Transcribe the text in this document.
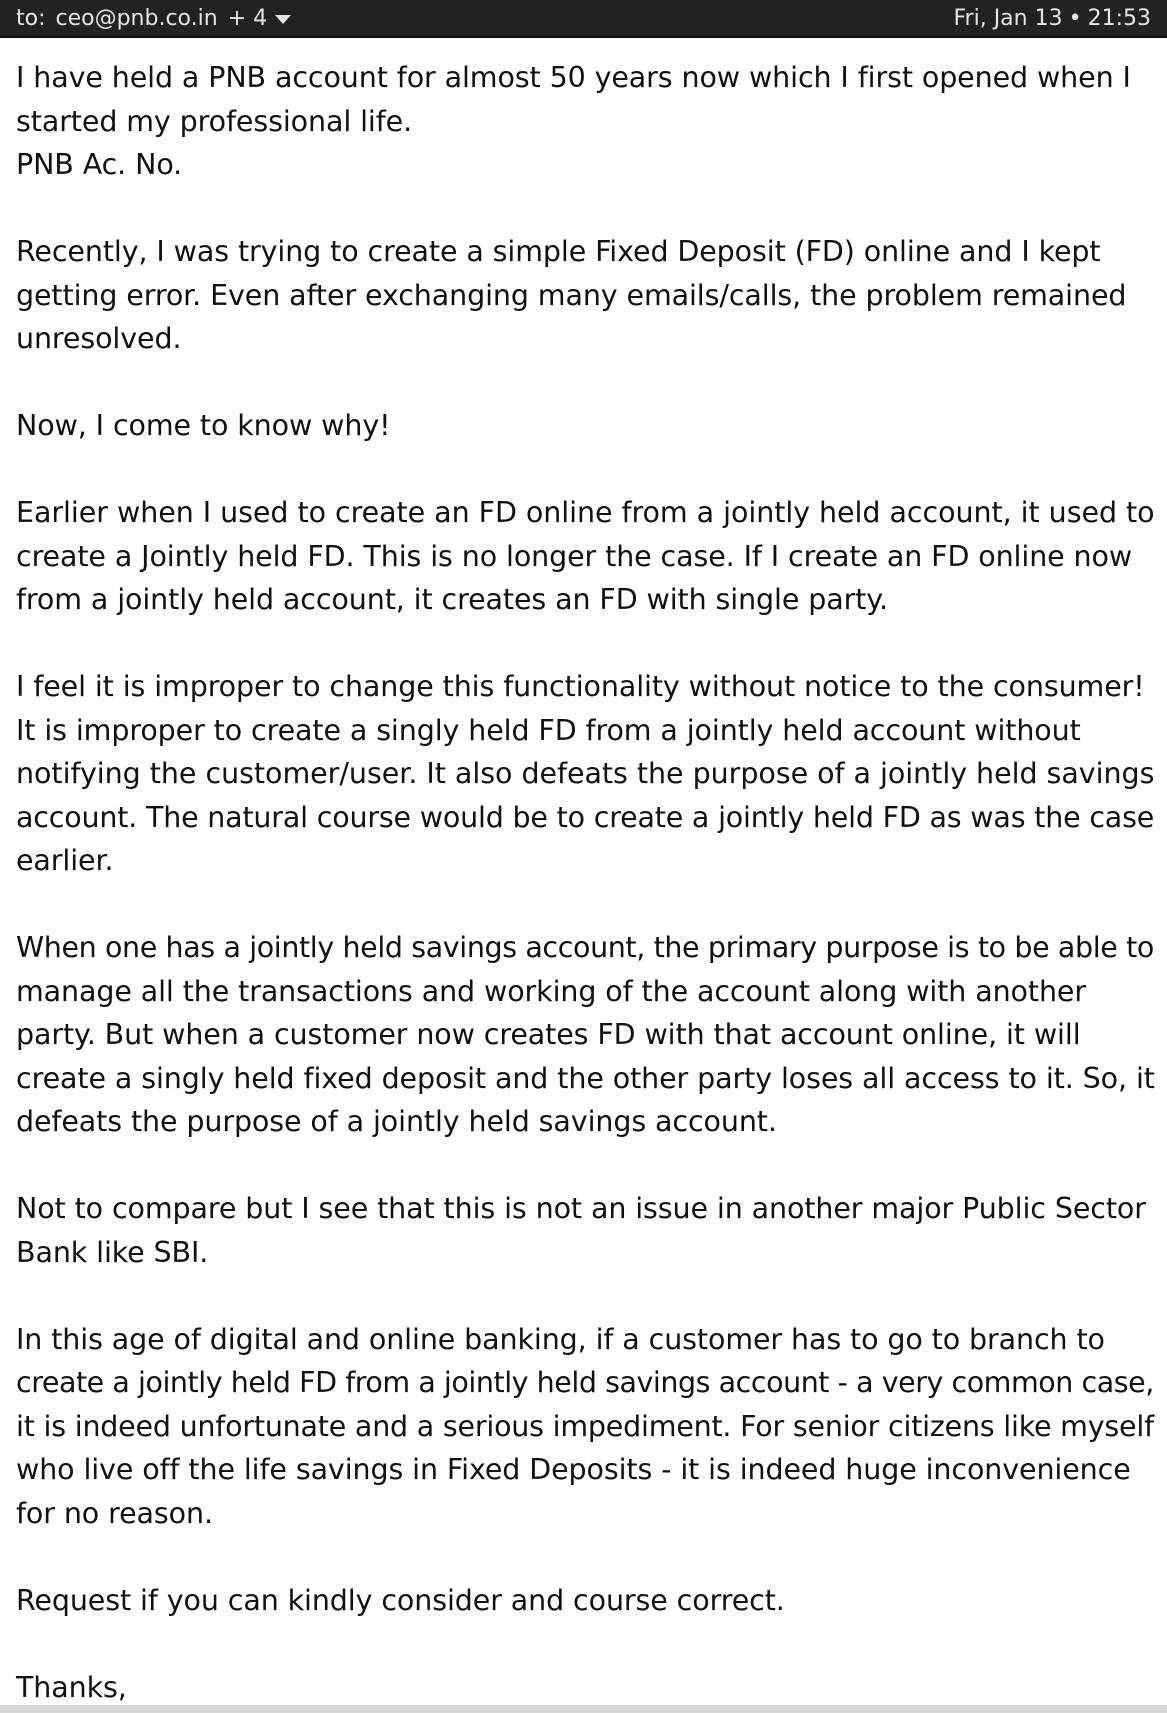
to: ceo@pnb.co.in + 4	Fri, Jan 13 • 21:53

I have held a PNB account for almost 50 years now which I first opened when I
started my professional life.
PNB Ac. No.

Recently, I was trying to create a simple Fixed Deposit (FD) online and I kept
getting error. Even after exchanging many emails/calls, the problem remained
unresolved.

Now, I come to know why!

Earlier when I used to create an FD online from a jointly held account, it used to
create a Jointly held FD. This is no longer the case. If I create an FD online now
from a jointly held account, it creates an FD with single party.

I feel it is improper to change this functionality without notice to the consumer!
It is improper to create a singly held FD from a jointly held account without
notifying the customer/user. It also defeats the purpose of a jointly held savings
account. The natural course would be to create a jointly held FD as was the case
earlier.

When one has a jointly held savings account, the primary purpose is to be able to
manage all the transactions and working of the account along with another
party. But when a customer now creates FD with that account online, it will
create a singly held fixed deposit and the other party loses all access to it. So, it
defeats the purpose of a jointly held savings account.

Not to compare but I see that this is not an issue in another major Public Sector
Bank like SBI.

In this age of digital and online banking, if a customer has to go to branch to
create a jointly held FD from a jointly held savings account - a very common case,
it is indeed unfortunate and a serious impediment. For senior citizens like myself
who live off the life savings in Fixed Deposits - it is indeed huge inconvenience
for no reason.

Request if you can kindly consider and course correct.

Thanks,
